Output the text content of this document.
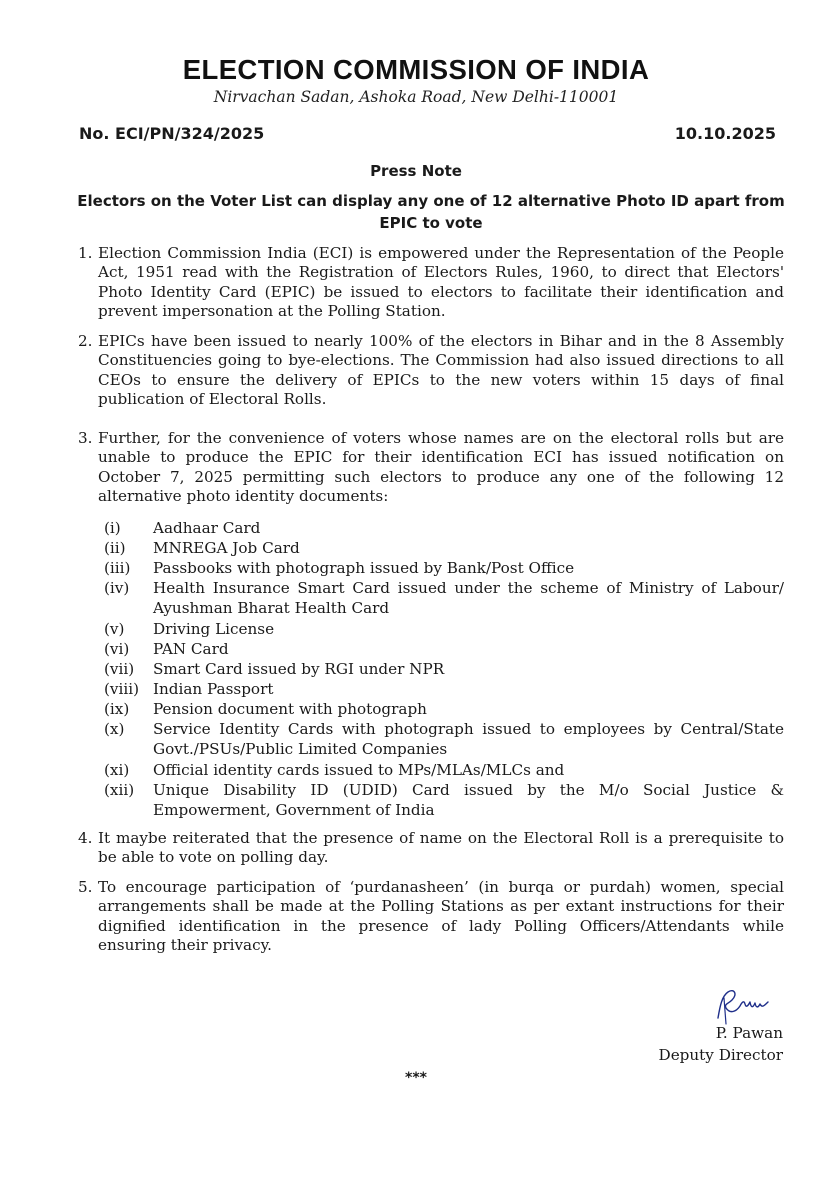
ELECTION COMMISSION OF INDIA
Nirvachan Sadan, Ashoka Road, New Delhi-110001
No. ECI/PN/324/2025	10.10.2025
Press Note
Electors on the Voter List can display any one of 12 alternative Photo ID apart from EPIC to vote
1. Election Commission India (ECI) is empowered under the Representation of the People Act, 1951 read with the Registration of Electors Rules, 1960, to direct that Electors' Photo Identity Card (EPIC) be issued to electors to facilitate their identification and prevent impersonation at the Polling Station.
2. EPICs have been issued to nearly 100% of the electors in Bihar and in the 8 Assembly Constituencies going to bye-elections. The Commission had also issued directions to all CEOs to ensure the delivery of EPICs to the new voters within 15 days of final publication of Electoral Rolls.
3. Further, for the convenience of voters whose names are on the electoral rolls but are unable to produce the EPIC for their identification ECI has issued notification on October 7, 2025 permitting such electors to produce any one of the following 12 alternative photo identity documents:
(i) Aadhaar Card
(ii) MNREGA Job Card
(iii) Passbooks with photograph issued by Bank/Post Office
(iv) Health Insurance Smart Card issued under the scheme of Ministry of Labour/ Ayushman Bharat Health Card
(v) Driving License
(vi) PAN Card
(vii) Smart Card issued by RGI under NPR
(viii) Indian Passport
(ix) Pension document with photograph
(x) Service Identity Cards with photograph issued to employees by Central/State Govt./PSUs/Public Limited Companies
(xi) Official identity cards issued to MPs/MLAs/MLCs and
(xii) Unique Disability ID (UDID) Card issued by the M/o Social Justice & Empowerment, Government of India
4. It maybe reiterated that the presence of name on the Electoral Roll is a prerequisite to be able to vote on polling day.
5. To encourage participation of ‘purdanasheen’ (in burqa or purdah) women, special arrangements shall be made at the Polling Stations as per extant instructions for their dignified identification in the presence of lady Polling Officers/Attendants while ensuring their privacy.
P. Pawan
Deputy Director
***
